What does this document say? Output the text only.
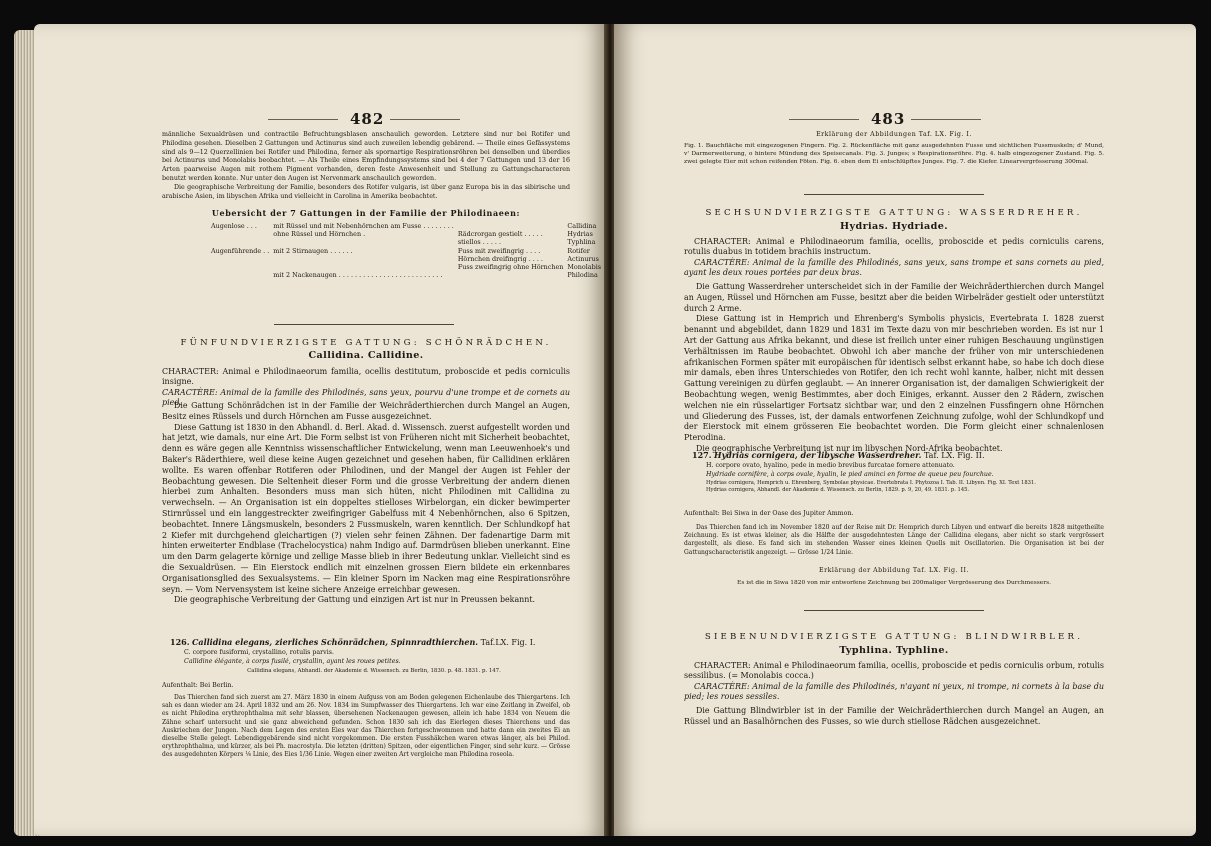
482

männliche Sexualdrüsen und contractile Befruchtungsblasen anschaulich geworden. Letztere sind nur bei Rotifer und Philodina gesehen. Dieselben 2 Gattungen und Actinurus sind auch zuweilen lebendig gebärend. — Theile eines Gefässystems sind als 9—12 Querzellinien bei Rotifer und Philodina, ferner als spornartige Respirationsröhren bei denselben und überdies bei Actinurus und Monolabis beobachtet. — Als Theile eines Empfindungssystems sind bei 4 der 7 Gattungen und 13 der 16 Arten paarweise Augen mit rothem Pigment vorhanden, deren feste Anwesenheit und Stellung zu Gattungscharacteren benutzt werden konnte. Nur unter den Augen ist Nervenmark anschaulich geworden.

Die geographische Verbreitung der Familie, besonders des Rotifer vulgaris, ist über ganz Europa bis in das sibirische und arabische Asien, im libyschen Afrika und vielleicht in Carolina in Amerika beobachtet.

Uebersicht der 7 Gattungen in der Familie der Philodinaeen:
Augenlose . . .	mit Rüssel und mit Nebenhörnchen am Fusse . . . . . . . .		Callidina
	ohne Rüssel und Hörnchen .	Rädcrorgan gestielt . . . . .	Hydrias
		stiellos . . . . .	Typhlina
Augenführende . .	mit 2 Stirnaugen . . . . . .	Fuss mit zweifingrig . . . .	Rotifer
		Hörnchen dreifingrig . . . .	Actinurus
		Fuss zweifingrig ohne Hörnchen	Monolabis
	mit 2 Nackenaugen . . . . . . . . . . . . . . . . . . . . . . . . . .		Philodina
FÜNFUNDVIERZIGSTE GATTUNG: SCHÖNRÄDCHEN.
Callidina. Callidine.

CHARACTER: Animal e Philodinaeorum familia, ocellis destitutum, proboscide et pedis corniculis insigne.

CARACTÈRE: Animal de la famille des Philodinés, sans yeux, pourvu d'une trompe et de cornets au pied.

Die Gattung Schönrädchen ist in der Familie der Weichräderthierchen durch Mangel an Augen, Besitz eines Rüssels und durch Hörnchen am Fusse ausgezeichnet.

Diese Gattung ist 1830 in den Abhandl. d. Berl. Akad. d. Wissensch. zuerst aufgestellt worden und hat jetzt, wie damals, nur eine Art. Die Form selbst ist von Früheren nicht mit Sicherheit beobachtet, denn es wäre gegen alle Kenntniss wissenschaftlicher Entwickelung, wenn man Leeuwenhoek's und Baker's Räderthiere, weil diese keine Augen gezeichnet und gesehen haben, für Callidinen erklären wollte. Es waren offenbar Rotiferen oder Philodinen, und der Mangel der Augen ist Fehler der Beobachtung gewesen. Die Seltenheit dieser Form und die grosse Verbreitung der andern dienen hierbei zum Anhalten. Besonders muss man sich hüten, nicht Philodinen mit Callidina zu verwechseln. — An Organisation ist ein doppeltes stielloses Wirbelorgan, ein dicker bewimperter Stirnrüssel und ein langgestreckter zweifingriger Gabelfuss mit 4 Nebenhörnchen, also 6 Spitzen, beobachtet. Innere Längsmuskeln, besonders 2 Fussmuskeln, waren kenntlich. Der Schlundkopf hat 2 Kiefer mit durchgehend gleichartigen (?) vielen sehr feinen Zähnen. Der fadenartige Darm mit hinten erweiterter Endblase (Trachelocystica) nahm Indigo auf. Darmdrüsen blieben unerkannt. Eine um den Darm gelagerte körnige und zellige Masse blieb in ihrer Bedeutung unklar. Vielleicht sind es die Sexualdrüsen. — Ein Eierstock endlich mit einzelnen grossen Eiern bildete ein erkennbares Organisationsglied des Sexualsystems. — Ein kleiner Sporn im Nacken mag eine Respirationsröhre seyn. — Vom Nervensystem ist keine sichere Anzeige erreichbar gewesen.

Die geographische Verbreitung der Gattung und einzigen Art ist nur in Preussen bekannt.

126. Callidina elegans, zierliches Schönrädchen, Spinnradthierchen. Taf.LX. Fig. I.

C. corpore fusiformi, crystallino, rotulis parvis.

Callidine élégante, à corps fusilé, crystallin, ayant les roues petites.

Callidina elegans, Abhandl. der Akademie d. Wissensch. zu Berlin, 1830. p. 48. 1831. p. 147.

Aufenthalt: Bei Berlin.

Das Thierchen fand sich zuerst am 27. März 1830 in einem Aufguss von am Boden gelegenen Eichenlaube des Thiergartens. Ich sah es dann wieder am 24. April 1832 und am 26. Nov. 1834 im Sumpfwasser des Thiergartens. Ich war eine Zeitlang in Zweifel, ob es nicht Philodina erythrophthalma mit sehr blassen, übersehenen Nackenaugen gewesen, allein ich habe 1834 von Neuem die Zähne scharf untersucht und sie ganz abweichend gefunden. Schon 1830 sah ich das Eierlegen dieses Thierchens und das Auskriechen der Jungen. Nach dem Legen des ersten Eies war das Thierchen fortgeschwommen und hatte dann ein zweites Ei an dieselbe Stelle gelegt. Lebendiggebärende sind nicht vorgekommen. Die ersten Fusshäkchen waren etwas länger, als bei Philod. erythrophthalma, und kürzer, als bei Ph. macrostyla. Die letzten (dritten) Spitzen, oder eigentlichen Finger, sind sehr kurz. — Grösse des ausgedehnten Körpers ⅙ Linie, des Eies 1/36 Linie. Wegen einer zweiten Art vergleiche man Philodina roseola.

483
Erklärung der Abbildungen Taf. LX. Fig. I.

Fig. 1. Bauchfläche mit eingezogenen Fingern. Fig. 2. Rückenfläche mit ganz ausgedehnten Fusse und sichtlichen Fussmuskeln; d' Mund, v' Darmerweiterung, o hintere Mündung des Speisecanals. Fig. 3. Junges; s Respirationsröhre. Fig. 4. halb eingezogener Zustand. Fig. 5. zwei gelegte Eier mit schon reifenden Föten. Fig. 6. eben dem Ei entschlüpftes Junges. Fig. 7. die Kiefer. Linearvergrösserung 300mal.

SECHSUNDVIERZIGSTE GATTUNG: WASSERDREHER.
Hydrias. Hydriade.

CHARACTER: Animal e Philodinaeorum familia, ocellis, proboscide et pedis corniculis carens, rotulis duabus in totidem brachiis instructum.

CARACTÈRE: Animal de la famille des Philodinés, sans yeux, sans trompe et sans cornets au pied, ayant les deux roues portées par deux bras.

Die Gattung Wasserdreher unterscheidet sich in der Familie der Weichräderthierchen durch Mangel an Augen, Rüssel und Hörnchen am Fusse, besitzt aber die beiden Wirbelräder gestielt oder unterstützt durch 2 Arme.

Diese Gattung ist in Hemprich und Ehrenberg's Symbolis physicis, Evertebrata I. 1828 zuerst benannt und abgebildet, dann 1829 und 1831 im Texte dazu von mir beschrieben worden. Es ist nur 1 Art der Gattung aus Afrika bekannt, und diese ist freilich unter einer ruhigen Beschauung ungünstigen Verhältnissen im Raube beobachtet. Obwohl ich aber manche der früher von mir unterschiedenen afrikanischen Formen später mit europäischen für identisch selbst erkannt habe, so habe ich doch diese mir damals, eben ihres Unterschiedes von Rotifer, den ich recht wohl kannte, halber, nicht mit dessen Gattung vereinigen zu dürfen geglaubt. — An innerer Organisation ist, der damaligen Schwierigkeit der Beobachtung wegen, wenig Bestimmtes, aber doch Einiges, erkannt. Ausser den 2 Rädern, zwischen welchen nie ein rüsselartiger Fortsatz sichtbar war, und den 2 einzelnen Fussfingern ohne Hörnchen und Gliederung des Fusses, ist, der damals entworfenen Zeichnung zufolge, wohl der Schlundkopf und der Eierstock mit einem grösseren Eie beobachtet worden. Die Form gleicht einer schnalenlosen Pterodina.

Die geographische Verbreitung ist nur im libyschen Nord-Afrika beobachtet.

127. Hydrias cornigera, der libysche Wasserdreher. Taf. LX. Fig. II.

H. corpore ovato, hyalino, pede in medio brevibus furcatae fornere attenuato.

Hydriade cornifère, à corps ovale, hyalin, le pied aminci en forme de queue peu fourchue.

Hydrias cornigera, Hemprich u. Ehrenberg, Symbolae physicae. Evertebrata I. Phytozoa I. Tab. II. Libyen. Fig. XI. Text 1831.

Hydrias cornigera, Abhandl. der Akademie d. Wissensch. zu Berlin, 1829. p. 9, 20, 49. 1831. p. 145.

Aufenthalt: Bei Siwa in der Oase des Jupiter Ammon.

Das Thierchen fand ich im November 1820 auf der Reise mit Dr. Hemprich durch Libyen und entwarf die bereits 1828 mitgetheilte Zeichnung. Es ist etwas kleiner, als die Hälfte der ausgedehntesten Länge der Callidina elegans, aber nicht so stark vergrössert dargestellt, als diese. Es fand sich im stehenden Wasser eines kleinen Quells mit Oscillatorien. Die Organisation ist bei der Gattungscharacteristik angezeigt. — Grösse 1/24 Linie.

Erklärung der Abbildung Taf. LX. Fig. II.
Es ist die in Siwa 1820 von mir entworfene Zeichnung bei 200maliger Vergrösserung des Durchmessers.
SIEBENUNDVIERZIGSTE GATTUNG: BLINDWIRBLER.
Typhlina. Typhline.

CHARACTER: Animal e Philodinaeorum familia, ocellis, proboscide et pedis corniculis orbum, rotulis sessilibus. (= Monolabis cocca.)

CARACTÈRE: Animal de la famille des Philodinés, n'ayant ni yeux, ni trompe, ni cornets à la base du pied; les roues sessiles.

Die Gattung Blindwirbler ist in der Familie der Weichräderthierchen durch Mangel an Augen, an Rüssel und an Basalhörnchen des Fusses, so wie durch stiellose Rädchen ausgezeichnet.
